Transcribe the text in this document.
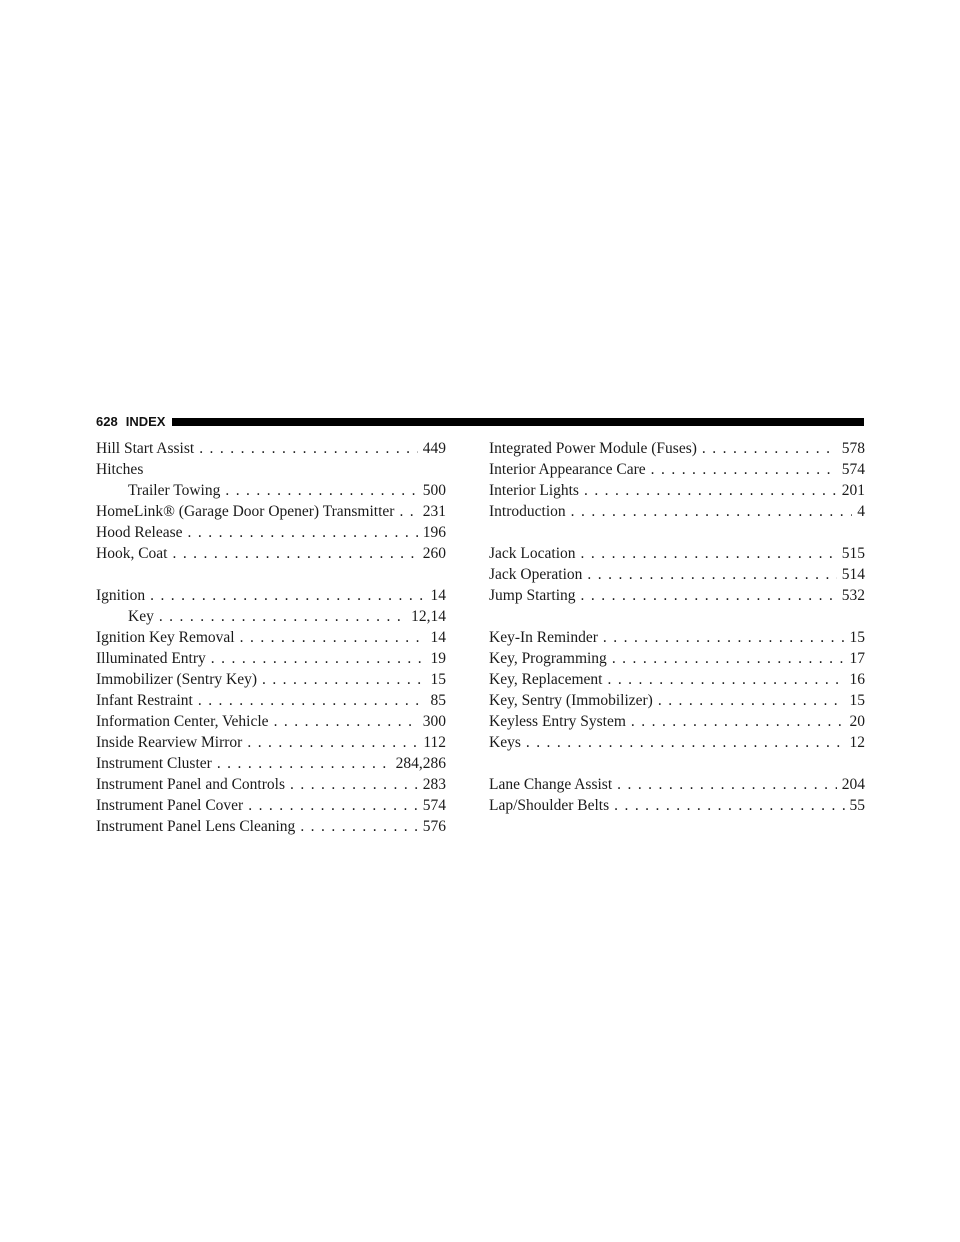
628 INDEX
Hill Start Assist . . .	449
Hitches
Trailer Towing . . .	500
HomeLink® (Garage Door Opener) Transmitter . . . 231
Hood Release . . .	196
Hook, Coat . . .	260
Ignition . . .	14
Key . . .	12,14
Ignition Key Removal . . .	14
Illuminated Entry . . .	19
Immobilizer (Sentry Key) . . .	15
Infant Restraint . . .	85
Information Center, Vehicle . . .	300
Inside Rearview Mirror . . .	112
Instrument Cluster . . .	284,286
Instrument Panel and Controls . . .	283
Instrument Panel Cover . . .	574
Instrument Panel Lens Cleaning . . .	576
Integrated Power Module (Fuses) . . .	578
Interior Appearance Care . . .	574
Interior Lights . . .	201
Introduction . . .	4
Jack Location . . .	515
Jack Operation . . .	514
Jump Starting . . .	532
Key-In Reminder . . .	15
Key, Programming . . .	17
Key, Replacement . . .	16
Key, Sentry (Immobilizer) . . .	15
Keyless Entry System . . .	20
Keys . . .	12
Lane Change Assist . . .	204
Lap/Shoulder Belts . . .	55
